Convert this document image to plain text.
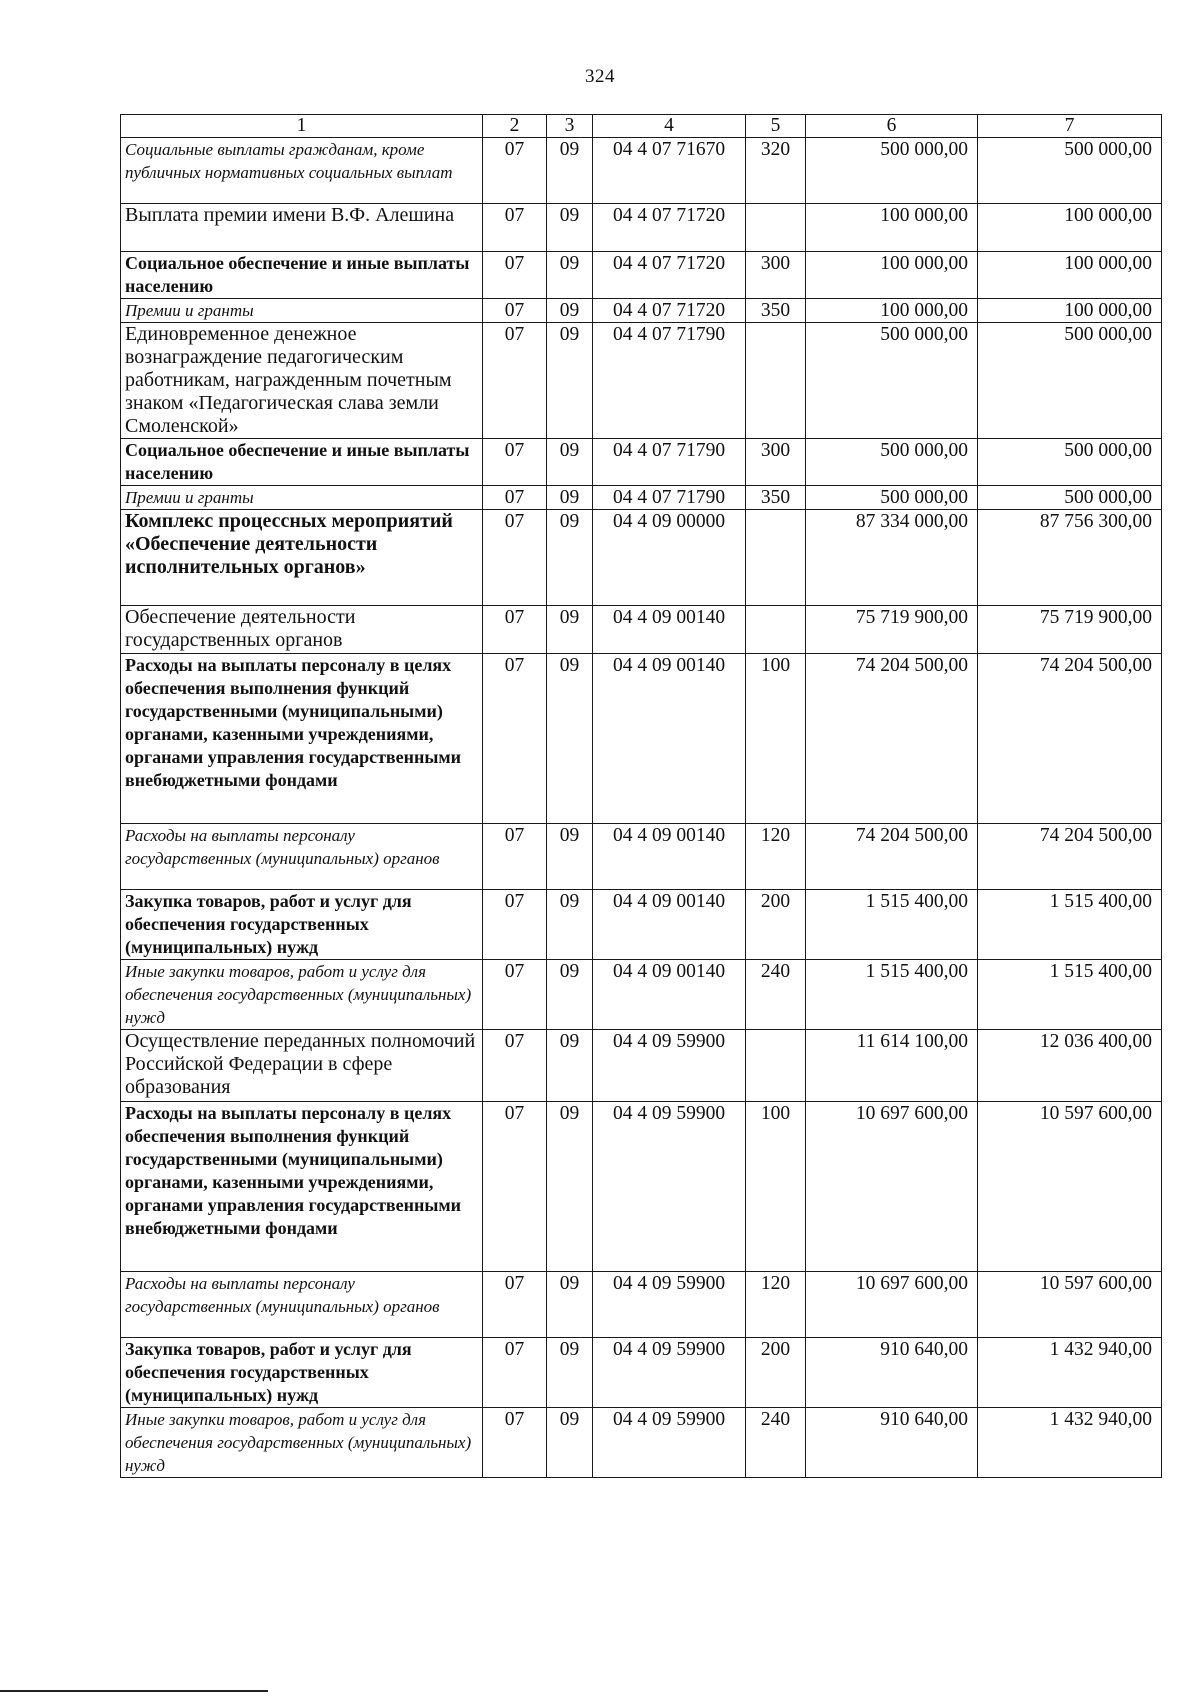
324
1	2	3	4	5	6	7
Социальные выплаты гражданам, кроме публичных нормативных социальных выплат	07	09	04 4 07 71670	320	500 000,00	500 000,00
Выплата премии имени В.Ф. Алешина	07	09	04 4 07 71720		100 000,00	100 000,00
Социальное обеспечение и иные выплаты населению	07	09	04 4 07 71720	300	100 000,00	100 000,00
Премии и гранты	07	09	04 4 07 71720	350	100 000,00	100 000,00
Единовременное денежное вознаграждение педагогическим работникам, награжденным почетным знаком «Педагогическая слава земли Смоленской»	07	09	04 4 07 71790		500 000,00	500 000,00
Социальное обеспечение и иные выплаты населению	07	09	04 4 07 71790	300	500 000,00	500 000,00
Премии и гранты	07	09	04 4 07 71790	350	500 000,00	500 000,00
Комплекс процессных мероприятий «Обеспечение деятельности исполнительных органов»	07	09	04 4 09 00000		87 334 000,00	87 756 300,00
Обеспечение деятельности государственных органов	07	09	04 4 09 00140		75 719 900,00	75 719 900,00
Расходы на выплаты персоналу в целях обеспечения выполнения функций государственными (муниципальными) органами, казенными учреждениями, органами управления государственными внебюджетными фондами	07	09	04 4 09 00140	100	74 204 500,00	74 204 500,00
Расходы на выплаты персоналу государственных (муниципальных) органов	07	09	04 4 09 00140	120	74 204 500,00	74 204 500,00
Закупка товаров, работ и услуг для обеспечения государственных (муниципальных) нужд	07	09	04 4 09 00140	200	1 515 400,00	1 515 400,00
Иные закупки товаров, работ и услуг для обеспечения государственных (муниципальных) нужд	07	09	04 4 09 00140	240	1 515 400,00	1 515 400,00
Осуществление переданных полномочий Российской Федерации в сфере образования	07	09	04 4 09 59900		11 614 100,00	12 036 400,00
Расходы на выплаты персоналу в целях обеспечения выполнения функций государственными (муниципальными) органами, казенными учреждениями, органами управления государственными внебюджетными фондами	07	09	04 4 09 59900	100	10 697 600,00	10 597 600,00
Расходы на выплаты персоналу государственных (муниципальных) органов	07	09	04 4 09 59900	120	10 697 600,00	10 597 600,00
Закупка товаров, работ и услуг для обеспечения государственных (муниципальных) нужд	07	09	04 4 09 59900	200	910 640,00	1 432 940,00
Иные закупки товаров, работ и услуг для обеспечения государственных (муниципальных) нужд	07	09	04 4 09 59900	240	910 640,00	1 432 940,00
